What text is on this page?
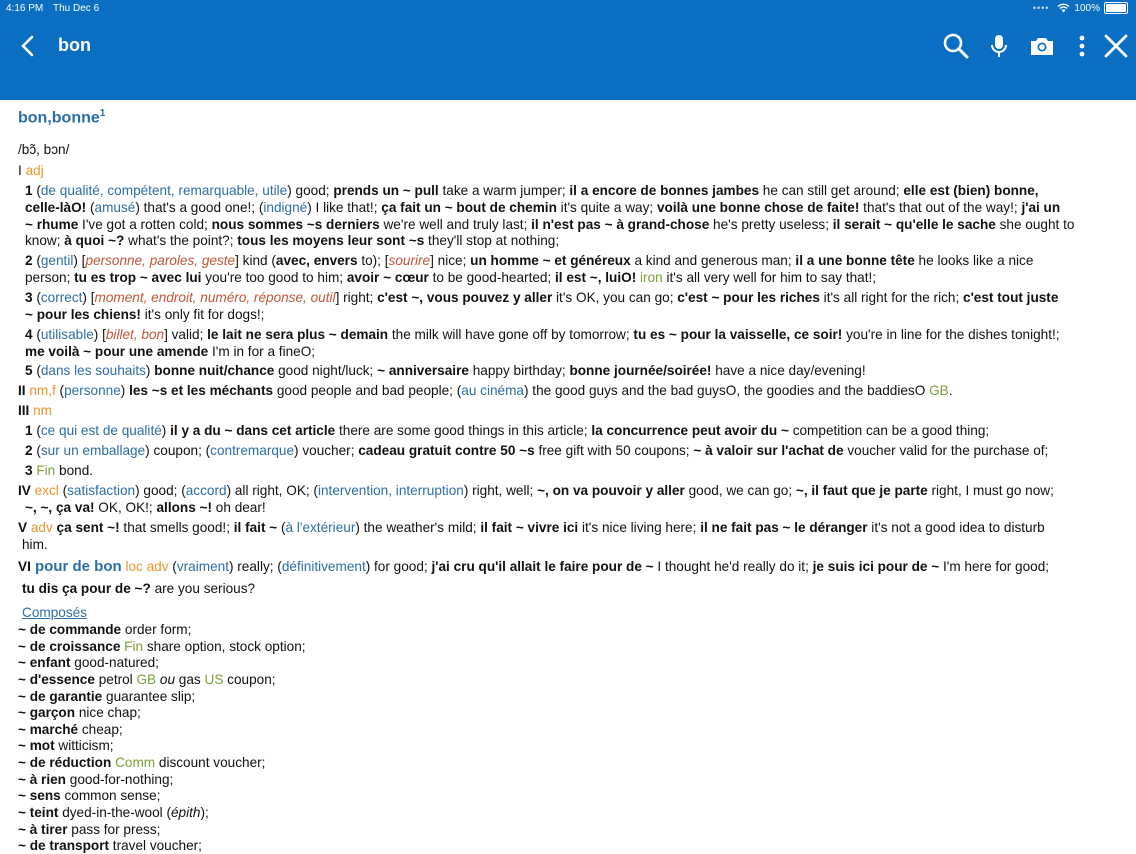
4:16 PM Thu Dec 6	••••	100%
bon
bon,bonne$^1$
/bɔ̃, bɔn/
I adj
1 (de qualité, compétent, remarquable, utile) good; prends un ~ pull take a warm jumper; il a encore de bonnes jambes he can still get around; elle est (bien) bonne,
celle-làO! (amusé) that's a good one!; (indigné) I like that!; ça fait un ~ bout de chemin it's quite a way; voilà une bonne chose de faite! that's that out of the way!; j'ai un
~ rhume I've got a rotten cold; nous sommes ~s derniers we're well and truly last; il n'est pas ~ à grand-chose he's pretty useless; il serait ~ qu'elle le sache she ought to
know; à quoi ~? what's the point?; tous les moyens leur sont ~s they'll stop at nothing;
2 (gentil) [personne, paroles, geste] kind (avec, envers to); [sourire] nice; un homme ~ et généreux a kind and generous man; il a une bonne tête he looks like a nice
person; tu es trop ~ avec lui you're too good to him; avoir ~ cœur to be good-hearted; il est ~, luiO! iron it's all very well for him to say that!;
3 (correct) [moment, endroit, numéro, réponse, outil] right; c'est ~, vous pouvez y aller it's OK, you can go; c'est ~ pour les riches it's all right for the rich; c'est tout juste
~ pour les chiens! it's only fit for dogs!;
4 (utilisable) [billet, bon] valid; le lait ne sera plus ~ demain the milk will have gone off by tomorrow; tu es ~ pour la vaisselle, ce soir! you're in line for the dishes tonight!;
me voilà ~ pour une amende I'm in for a fineO;
5 (dans les souhaits) bonne nuit/chance good night/luck; ~ anniversaire happy birthday; bonne journée/soirée! have a nice day/evening!
II nm,f (personne) les ~s et les méchants good people and bad people; (au cinéma) the good guys and the bad guysO, the goodies and the baddiesO GB.
III nm
1 (ce qui est de qualité) il y a du ~ dans cet article there are some good things in this article; la concurrence peut avoir du ~ competition can be a good thing;
2 (sur un emballage) coupon; (contremarque) voucher; cadeau gratuit contre 50 ~s free gift with 50 coupons; ~ à valoir sur l'achat de voucher valid for the purchase of;
3 Fin bond.
IV excl (satisfaction) good; (accord) all right, OK; (intervention, interruption) right, well; ~, on va pouvoir y aller good, we can go; ~, il faut que je parte right, I must go now;
~, ~, ça va! OK, OK!; allons ~! oh dear!
V adv ça sent ~! that smells good!; il fait ~ (à l'extérieur) the weather's mild; il fait ~ vivre ici it's nice living here; il ne fait pas ~ le déranger it's not a good idea to disturb
him.
VI pour de bon loc adv (vraiment) really; (définitivement) for good; j'ai cru qu'il allait le faire pour de ~ I thought he'd really do it; je suis ici pour de ~ I'm here for good;
tu dis ça pour de ~? are you serious?
Composés
~ de commande order form;
~ de croissance Fin share option, stock option;
~ enfant good-natured;
~ d'essence petrol GB ou gas US coupon;
~ de garantie guarantee slip;
~ garçon nice chap;
~ marché cheap;
~ mot witticism;
~ de réduction Comm discount voucher;
~ à rien good-for-nothing;
~ sens common sense;
~ teint dyed-in-the-wool (épith);
~ à tirer pass for press;
~ de transport travel voucher;
